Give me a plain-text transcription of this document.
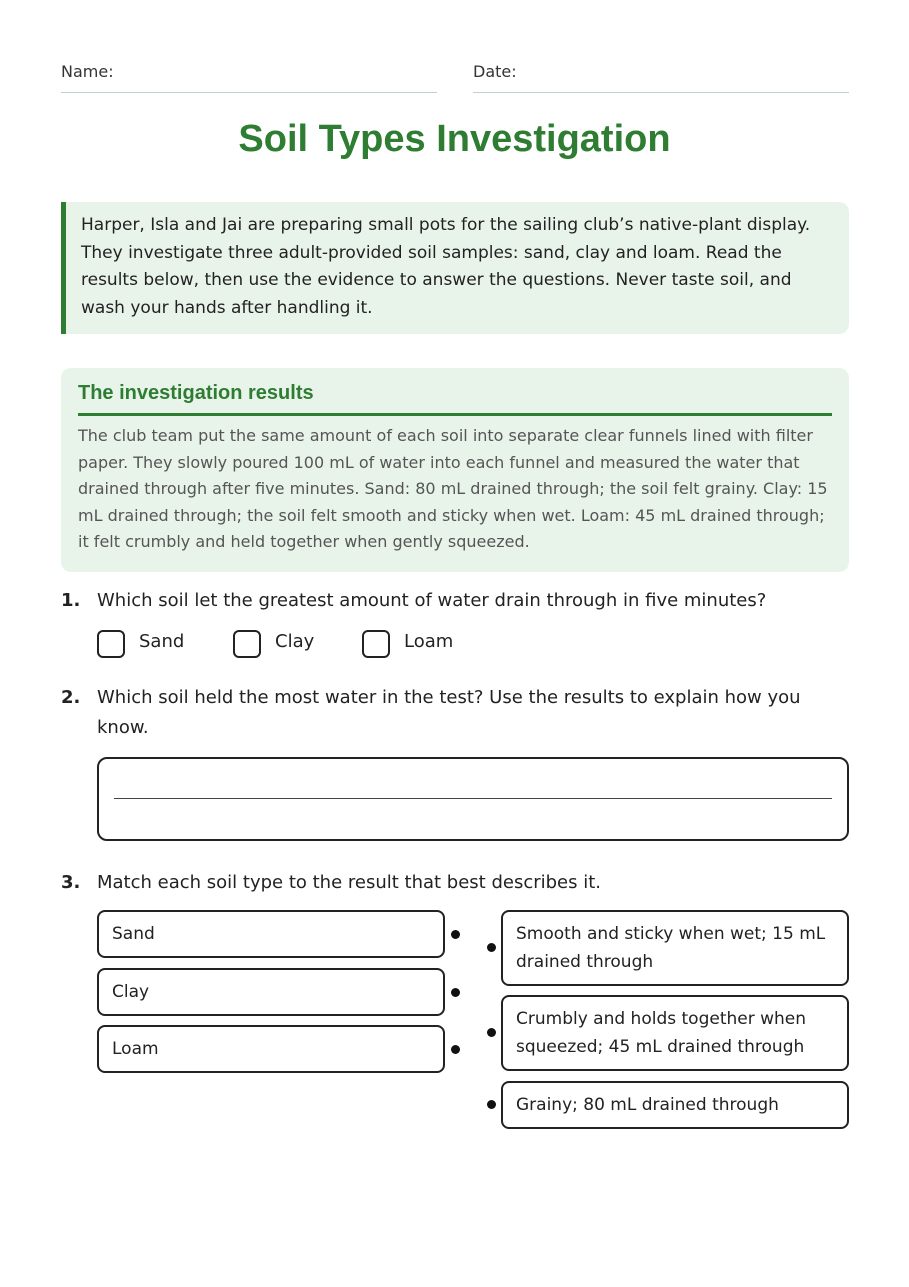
Name:	Date:
Soil Types Investigation
Harper, Isla and Jai are preparing small pots for the sailing club’s native-plant display. They investigate three adult-provided soil samples: sand, clay and loam. Read the results below, then use the evidence to answer the questions. Never taste soil, and wash your hands after handling it.
The investigation results

The club team put the same amount of each soil into separate clear funnels lined with filter paper. They slowly poured 100 mL of water into each funnel and measured the water that drained through after five minutes. Sand: 80 mL drained through; the soil felt grainy. Clay: 15 mL drained through; the soil felt smooth and sticky when wet. Loam: 45 mL drained through; it felt crumbly and held together when gently squeezed.

1. Which soil let the greatest amount of water drain through in five minutes?
Sand	Clay	Loam
2. Which soil held the most water in the test? Use the results to explain how you know.
3. Match each soil type to the result that best describes it.
Sand
Clay
Loam
Smooth and sticky when wet; 15 mL drained through
Crumbly and holds together when squeezed; 45 mL drained through
Grainy; 80 mL drained through
